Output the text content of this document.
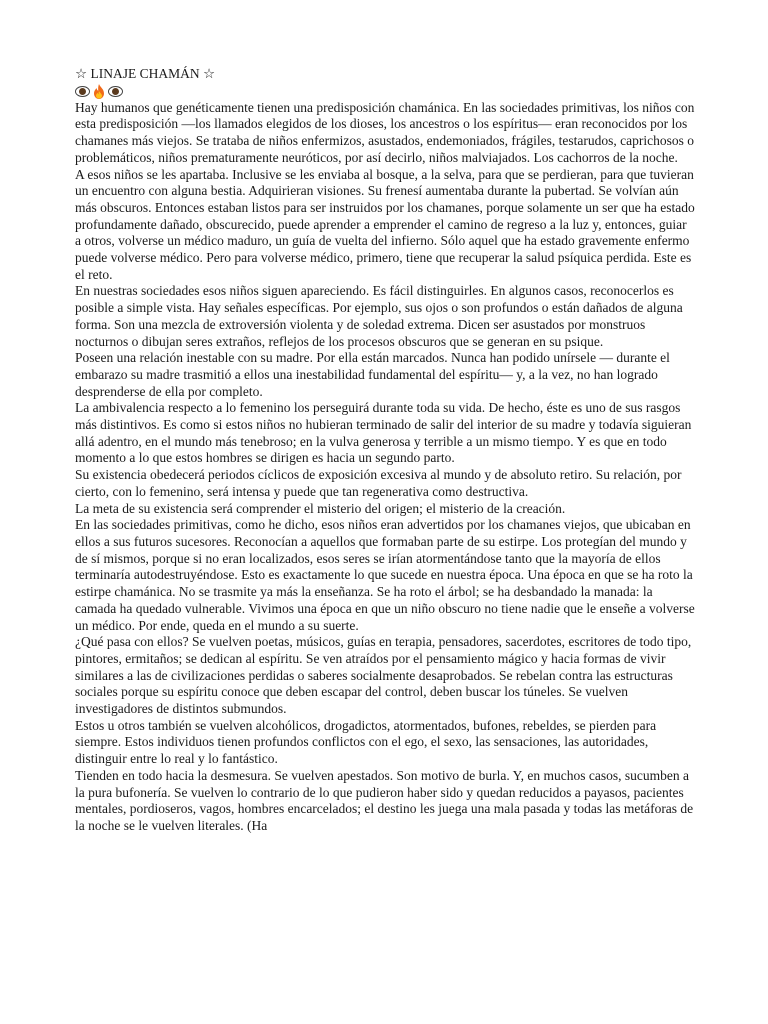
☆ LINAJE CHAMÁN ☆

Hay humanos que genéticamente tienen una predisposición chamánica. En las sociedades primitivas, los niños con esta predisposición —los llamados elegidos de los dioses, los ancestros o los espíritus— eran reconocidos por los chamanes más viejos. Se trataba de niños enfermizos, asustados, endemoniados, frágiles, testarudos, caprichosos o problemáticos, niños prematuramente neuróticos, por así decirlo, niños malviajados. Los cachorros de la noche.

A esos niños se les apartaba. Inclusive se les enviaba al bosque, a la selva, para que se perdieran, para que tuvieran un encuentro con alguna bestia. Adquirieran visiones. Su frenesí aumentaba durante la pubertad. Se volvían aún más obscuros. Entonces estaban listos para ser instruidos por los chamanes, porque solamente un ser que ha estado profundamente dañado, obscurecido, puede aprender a emprender el camino de regreso a la luz y, entonces, guiar a otros, volverse un médico maduro, un guía de vuelta del infierno. Sólo aquel que ha estado gravemente enfermo puede volverse médico. Pero para volverse médico, primero, tiene que recuperar la salud psíquica perdida. Este es el reto.

En nuestras sociedades esos niños siguen apareciendo. Es fácil distinguirles. En algunos casos, reconocerlos es posible a simple vista. Hay señales específicas. Por ejemplo, sus ojos o son profundos o están dañados de alguna forma. Son una mezcla de extroversión violenta y de soledad extrema. Dicen ser asustados por monstruos nocturnos o dibujan seres extraños, reflejos de los procesos obscuros que se generan en su psique.

Poseen una relación inestable con su madre. Por ella están marcados. Nunca han podido unírsele — durante el embarazo su madre trasmitió a ellos una inestabilidad fundamental del espíritu— y, a la vez, no han logrado desprenderse de ella por completo.

La ambivalencia respecto a lo femenino los perseguirá durante toda su vida. De hecho, éste es uno de sus rasgos más distintivos. Es como si estos niños no hubieran terminado de salir del interior de su madre y todavía siguieran allá adentro, en el mundo más tenebroso; en la vulva generosa y terrible a un mismo tiempo. Y es que en todo momento a lo que estos hombres se dirigen es hacia un segundo parto.

Su existencia obedecerá periodos cíclicos de exposición excesiva al mundo y de absoluto retiro. Su relación, por cierto, con lo femenino, será intensa y puede que tan regenerativa como destructiva.

La meta de su existencia será comprender el misterio del origen; el misterio de la creación.

En las sociedades primitivas, como he dicho, esos niños eran advertidos por los chamanes viejos, que ubicaban en ellos a sus futuros sucesores. Reconocían a aquellos que formaban parte de su estirpe. Los protegían del mundo y de sí mismos, porque si no eran localizados, esos seres se irían atormentándose tanto que la mayoría de ellos terminaría autodestruyéndose. Esto es exactamente lo que sucede en nuestra época. Una época en que se ha roto la estirpe chamánica. No se trasmite ya más la enseñanza. Se ha roto el árbol; se ha desbandado la manada: la camada ha quedado vulnerable. Vivimos una época en que un niño obscuro no tiene nadie que le enseñe a volverse un médico. Por ende, queda en el mundo a su suerte.

¿Qué pasa con ellos? Se vuelven poetas, músicos, guías en terapia, pensadores, sacerdotes, escritores de todo tipo, pintores, ermitaños; se dedican al espíritu. Se ven atraídos por el pensamiento mágico y hacia formas de vivir similares a las de civilizaciones perdidas o saberes socialmente desaprobados. Se rebelan contra las estructuras sociales porque su espíritu conoce que deben escapar del control, deben buscar los túneles. Se vuelven investigadores de distintos submundos.

Estos u otros también se vuelven alcohólicos, drogadictos, atormentados, bufones, rebeldes, se pierden para siempre. Estos individuos tienen profundos conflictos con el ego, el sexo, las sensaciones, las autoridades, distinguir entre lo real y lo fantástico.

Tienden en todo hacia la desmesura. Se vuelven apestados. Son motivo de burla. Y, en muchos casos, sucumben a la pura bufonería. Se vuelven lo contrario de lo que pudieron haber sido y quedan reducidos a payasos, pacientes mentales, pordioseros, vagos, hombres encarcelados; el destino les juega una mala pasada y todas las metáforas de la noche se le vuelven literales. (Ha
